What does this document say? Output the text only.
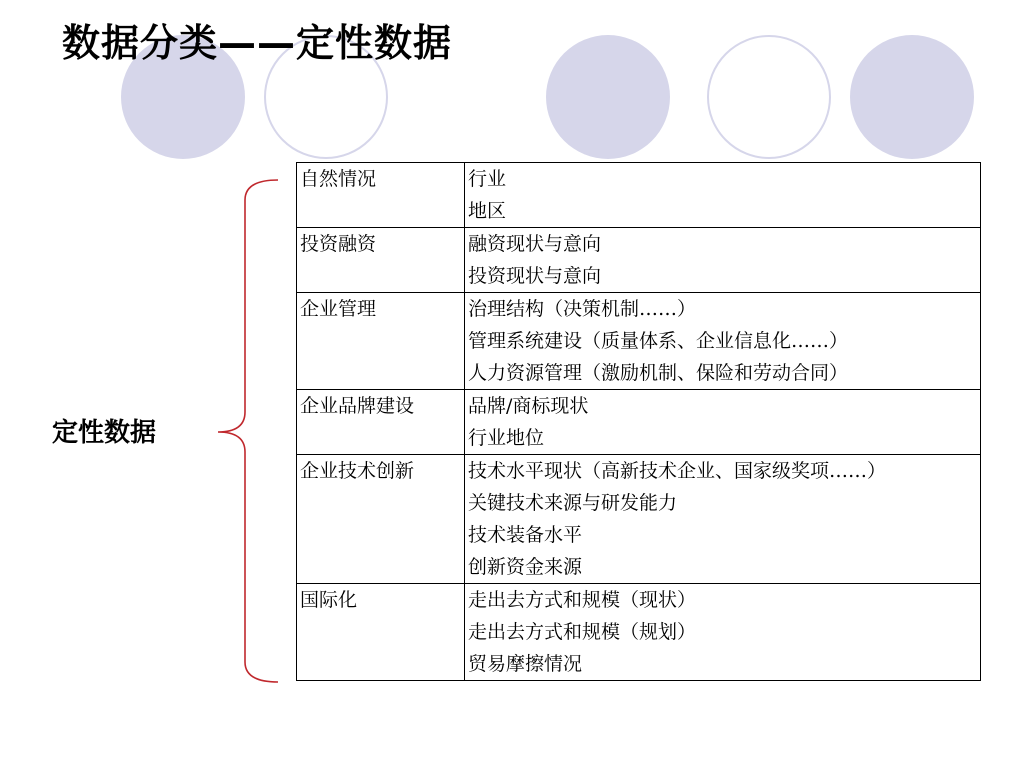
数据分类——定性数据
定性数据
自然情况	行业
地区

投资融资	融资现状与意向
投资现状与意向

企业管理	治理结构（决策机制……）
管理系统建设（质量体系、企业信息化……）
人力资源管理（激励机制、保险和劳动合同）

企业品牌建设	品牌/商标现状
行业地位

企业技术创新	技术水平现状（高新技术企业、国家级奖项……）
关键技术来源与研发能力
技术装备水平
创新资金来源

国际化	走出去方式和规模（现状）
走出去方式和规模（规划）
贸易摩擦情况
